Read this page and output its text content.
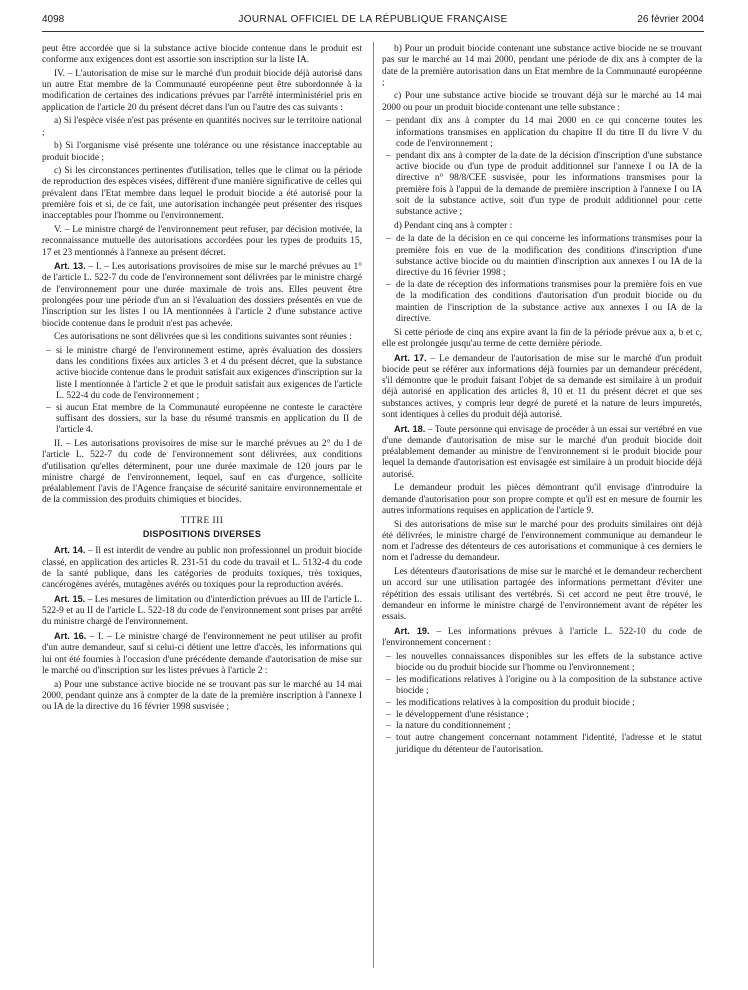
4098	JOURNAL OFFICIEL DE LA RÉPUBLIQUE FRANÇAISE	26 février 2004

peut être accordée que si la substance active biocide contenue dans le produit est conforme aux exigences dont est assortie son inscription sur la liste IA.

IV. – L'autorisation de mise sur le marché d'un produit biocide déjà autorisé dans un autre Etat membre de la Communauté européenne peut être subordonnée à la modification de certaines des indications prévues par l'arrêté interministériel pris en application de l'article 20 du présent décret dans l'un ou l'autre des cas suivants :

a) Si l'espèce visée n'est pas présente en quantités nocives sur le territoire national ;

b) Si l'organisme visé présente une tolérance ou une résistance inacceptable au produit biocide ;

c) Si les circonstances pertinentes d'utilisation, telles que le climat ou la période de reproduction des espèces visées, diffèrent d'une manière significative de celles qui prévalent dans l'Etat membre dans lequel le produit biocide a été autorisé pour la première fois et si, de ce fait, une autorisation inchangée peut présenter des risques inacceptables pour l'homme ou l'environnement.

V. – Le ministre chargé de l'environnement peut refuser, par décision motivée, la reconnaissance mutuelle des autorisations accordées pour les types de produits 15, 17 et 23 mentionnés à l'annexe au présent décret.

Art. 13. – I. – Les autorisations provisoires de mise sur le marché prévues au 1° de l'article L. 522-7 du code de l'environnement sont délivrées par le ministre chargé de l'environnement pour une durée maximale de trois ans. Elles peuvent être prolongées pour une période d'un an si l'évaluation des dossiers présentés en vue de l'inscription sur les listes I ou IA mentionnées à l'article 2 d'une substance active biocide contenue dans le produit n'est pas achevée.

Ces autorisations ne sont délivrées que si les conditions suivantes sont réunies :

– si le ministre chargé de l'environnement estime, après évaluation des dossiers dans les conditions fixées aux articles 3 et 4 du présent décret, que la substance active biocide contenue dans le produit satisfait aux exigences d'inscription sur la liste I mentionnée à l'article 2 et que le produit satisfait aux exigences de l'article L. 522-4 du code de l'environnement ;
– si aucun Etat membre de la Communauté européenne ne conteste le caractère suffisant des dossiers, sur la base du résumé transmis en application du II de l'article 4.

II. – Les autorisations provisoires de mise sur le marché prévues au 2° du I de l'article L. 522-7 du code de l'environnement sont délivrées, aux conditions d'utilisation qu'elles déterminent, pour une durée maximale de 120 jours par le ministre chargé de l'environnement, lequel, sauf en cas d'urgence, sollicite préalablement l'avis de l'Agence française de sécurité sanitaire environnementale et de la commission des produits chimiques et biocides.

TITRE III
DISPOSITIONS DIVERSES

Art. 14. – Il est interdit de vendre au public non professionnel un produit biocide classé, en application des articles R. 231-51 du code du travail et L. 5132-4 du code de la santé publique, dans les catégories de produits toxiques, très toxiques, cancérogènes avérés, mutagènes avérés ou toxiques pour la reproduction avérés.

Art. 15. – Les mesures de limitation ou d'interdiction prévues au III de l'article L. 522-9 et au II de l'article L. 522-18 du code de l'environnement sont prises par arrêté du ministre chargé de l'environnement.

Art. 16. – I. – Le ministre chargé de l'environnement ne peut utiliser au profit d'un autre demandeur, sauf si celui-ci détient une lettre d'accès, les informations qui lui ont été fournies à l'occasion d'une précédente demande d'autorisation de mise sur le marché ou d'inscription sur les listes prévues à l'article 2 :

a) Pour une substance active biocide ne se trouvant pas sur le marché au 14 mai 2000, pendant quinze ans à compter de la date de la première inscription à l'annexe I ou IA de la directive du 16 février 1998 susvisée ;

b) Pour un produit biocide contenant une substance active biocide ne se trouvant pas sur le marché au 14 mai 2000, pendant une période de dix ans à compter de la date de la première autorisation dans un Etat membre de la Communauté européenne ;

c) Pour une substance active biocide se trouvant déjà sur le marché au 14 mai 2000 ou pour un produit biocide contenant une telle substance :

– pendant dix ans à compter du 14 mai 2000 en ce qui concerne toutes les informations transmises en application du chapitre II du titre II du livre V du code de l'environnement ;
– pendant dix ans à compter de la date de la décision d'inscription d'une substance active biocide ou d'un type de produit additionnel sur l'annexe I ou IA de la directive n° 98/8/CEE susvisée, pour les informations transmises pour la première fois à l'appui de la demande de première inscription à l'annexe I ou IA soit de la substance active, soit d'un type de produit additionnel pour cette substance active ;

d) Pendant cinq ans à compter :

– de la date de la décision en ce qui concerne les informations transmises pour la première fois en vue de la modification des conditions d'inscription d'une substance active biocide ou du maintien d'inscription aux annexes I ou IA de la directive du 16 février 1998 ;
– de la date de réception des informations transmises pour la première fois en vue de la modification des conditions d'autorisation d'un produit biocide ou du maintien de l'inscription de la substance active aux annexes I ou IA de la directive.

Si cette période de cinq ans expire avant la fin de la période prévue aux a, b et c, elle est prolongée jusqu'au terme de cette dernière période.

Art. 17. – Le demandeur de l'autorisation de mise sur le marché d'un produit biocide peut se référer aux informations déjà fournies par un demandeur précédent, s'il démontre que le produit faisant l'objet de sa demande est similaire à un produit déjà autorisé en application des articles 8, 10 et 11 du présent décret et que ses substances actives, y compris leur degré de pureté et la nature de leurs impuretés, sont identiques à celles du produit déjà autorisé.

Art. 18. – Toute personne qui envisage de procéder à un essai sur vertébré en vue d'une demande d'autorisation de mise sur le marché d'un produit biocide doit préalablement demander au ministre de l'environnement si le produit biocide pour lequel la demande d'autorisation est envisagée est similaire à un produit biocide déjà autorisé.

Le demandeur produit les pièces démontrant qu'il envisage d'introduire la demande d'autorisation pour son propre compte et qu'il est en mesure de fournir les autres informations requises en application de l'article 9.

Si des autorisations de mise sur le marché pour des produits similaires ont déjà été délivrées, le ministre chargé de l'environnement communique au demandeur le nom et l'adresse des détenteurs de ces autorisations et communique à ces derniers le nom et l'adresse du demandeur.

Les détenteurs d'autorisations de mise sur le marché et le demandeur recherchent un accord sur une utilisation partagée des informations permettant d'éviter une répétition des essais utilisant des vertébrés. Si cet accord ne peut être trouvé, le demandeur en informe le ministre chargé de l'environnement avant de répéter les essais.

Art. 19. – Les informations prévues à l'article L. 522-10 du code de l'environnement concernent :

– les nouvelles connaissances disponibles sur les effets de la substance active biocide ou du produit biocide sur l'homme ou l'environnement ;
– les modifications relatives à l'origine ou à la composition de la substance active biocide ;
– les modifications relatives à la composition du produit biocide ;
– le développement d'une résistance ;
– la nature du conditionnement ;
– tout autre changement concernant notamment l'identité, l'adresse et le statut juridique du détenteur de l'autorisation.
